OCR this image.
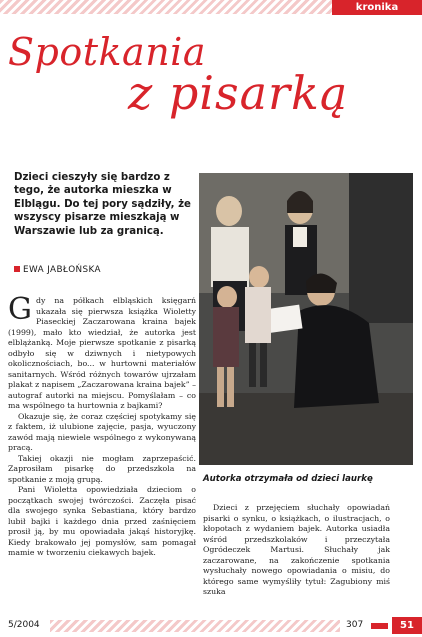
kronika
Spotkania
z pisarką
Dzieci cieszyły się bardzo z tego, że autorka mieszka w Elblągu. Do tej pory sądziły, że wszyscy pisarze mieszkają w Warszawie lub za granicą.
EWA JABŁOŃSKA

Gdy na półkach elbląskich księgarń ukazała się pierwsza książka Wioletty Piaseckiej Zaczarowana kraina bajek (1999), mało kto wiedział, że autorka jest elblążanką. Moje pierwsze spotkanie z pisarką odbyło się w dziwnych i nietypowych okolicznościach, bo... w hurtowni materiałów sanitarnych. Wśród różnych towarów ujrzałam plakat z napisem „Zaczarowana kraina bajek” – autograf autorki na miejscu. Pomyślałam – co ma wspólnego ta hurtownia z bajkami?

Okazuje się, że coraz częściej spotykamy się z faktem, iż ulubione zajęcie, pasja, wyuczony zawód mają niewiele wspólnego z wykonywaną pracą.

Takiej okazji nie mogłam zaprzepaścić. Zaprosiłam pisarkę do przedszkola na spotkanie z moją grupą.

Pani Wioletta opowiedziała dzieciom o początkach swojej twórczości. Zaczęła pisać dla swojego synka Sebastiana, który bardzo lubił bajki i każdego dnia przed zaśnięciem prosił ją, by mu opowiadała jakąś historyjkę. Kiedy brakowało jej pomysłów, sam pomagał mamie w tworzeniu ciekawych bajek.

Autorka otrzymała od dzieci laurkę

Dzieci z przejęciem słuchały opowiadań pisarki o synku, o książkach, o ilustracjach, o kłopotach z wydaniem bajek. Autorka usiadła wśród przedszkolaków i przeczytała Ogródeczek Martusi. Słuchały jak zaczarowane, na zakończenie spotkania wysłuchały nowego opowiadania o misiu, do którego same wymyśliły tytuł: Zagubiony miś szuka

5/2004	307	51
